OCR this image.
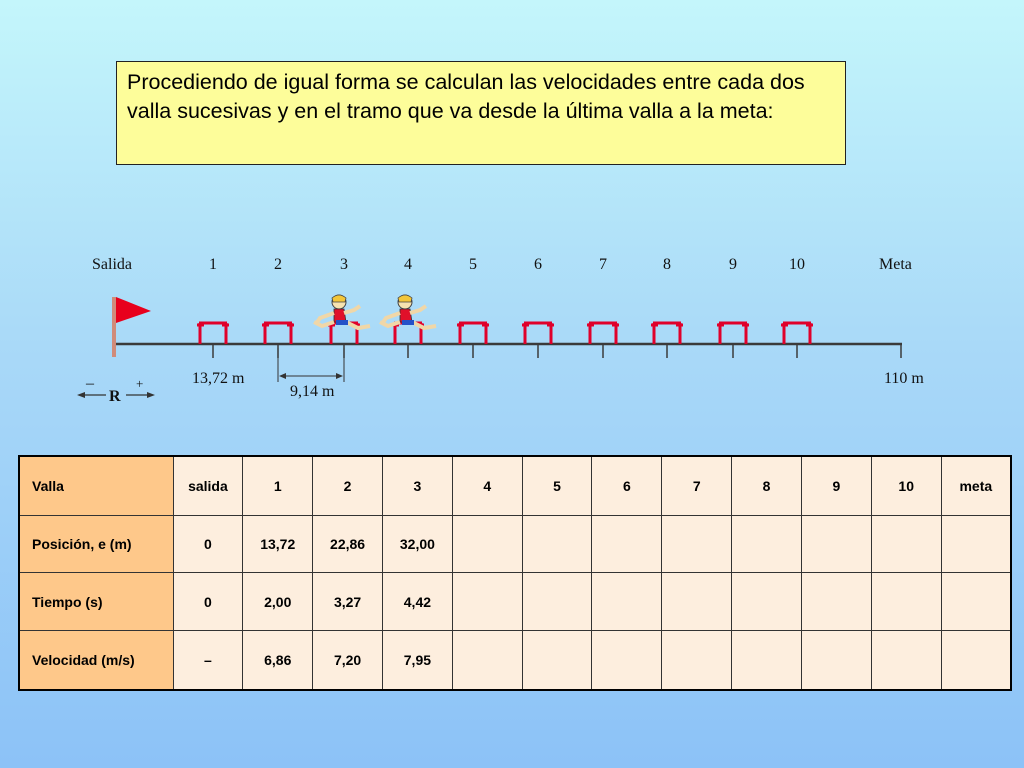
Procediendo de igual forma se calculan las velocidades entre cada dos valla sucesivas y en el tramo que va desde la última valla a la meta:
Salida	1	2	3	4	5	6	7	8	9	10	Meta
13,72 m
9,14 m
110 m
R
–	+
Valla	salida	1	2	3	4	5	6	7	8	9	10	meta
Posición, e (m)	0	13,72	22,86	32,00								
Tiempo (s)	0	2,00	3,27	4,42								
Velocidad (m/s)	–	6,86	7,20	7,95								
